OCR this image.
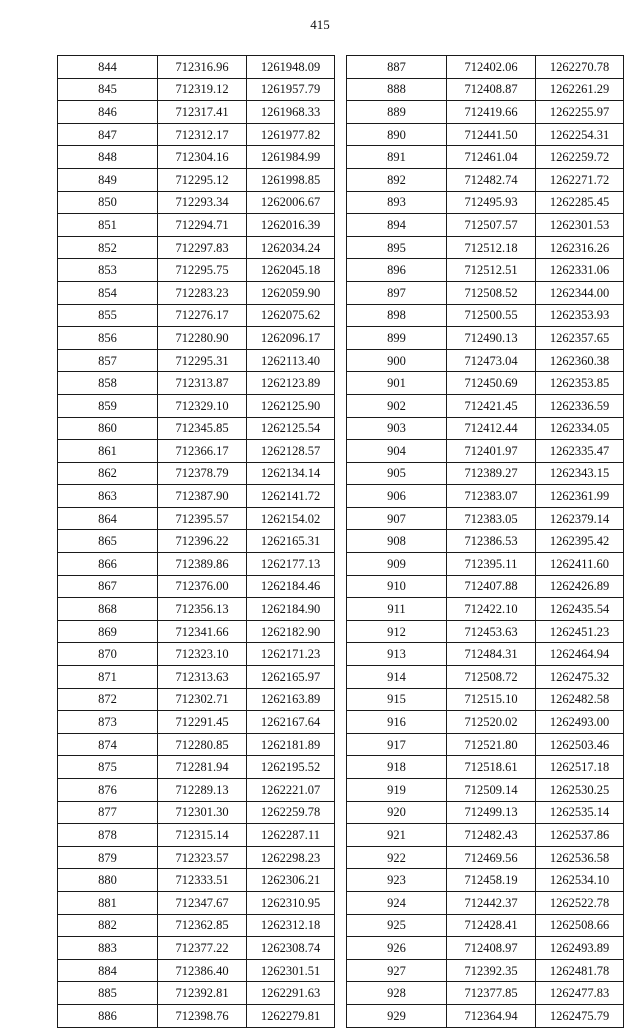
415
844	712316.96	1261948.09
845	712319.12	1261957.79
846	712317.41	1261968.33
847	712312.17	1261977.82
848	712304.16	1261984.99
849	712295.12	1261998.85
850	712293.34	1262006.67
851	712294.71	1262016.39
852	712297.83	1262034.24
853	712295.75	1262045.18
854	712283.23	1262059.90
855	712276.17	1262075.62
856	712280.90	1262096.17
857	712295.31	1262113.40
858	712313.87	1262123.89
859	712329.10	1262125.90
860	712345.85	1262125.54
861	712366.17	1262128.57
862	712378.79	1262134.14
863	712387.90	1262141.72
864	712395.57	1262154.02
865	712396.22	1262165.31
866	712389.86	1262177.13
867	712376.00	1262184.46
868	712356.13	1262184.90
869	712341.66	1262182.90
870	712323.10	1262171.23
871	712313.63	1262165.97
872	712302.71	1262163.89
873	712291.45	1262167.64
874	712280.85	1262181.89
875	712281.94	1262195.52
876	712289.13	1262221.07
877	712301.30	1262259.78
878	712315.14	1262287.11
879	712323.57	1262298.23
880	712333.51	1262306.21
881	712347.67	1262310.95
882	712362.85	1262312.18
883	712377.22	1262308.74
884	712386.40	1262301.51
885	712392.81	1262291.63
886	712398.76	1262279.81
887	712402.06	1262270.78
888	712408.87	1262261.29
889	712419.66	1262255.97
890	712441.50	1262254.31
891	712461.04	1262259.72
892	712482.74	1262271.72
893	712495.93	1262285.45
894	712507.57	1262301.53
895	712512.18	1262316.26
896	712512.51	1262331.06
897	712508.52	1262344.00
898	712500.55	1262353.93
899	712490.13	1262357.65
900	712473.04	1262360.38
901	712450.69	1262353.85
902	712421.45	1262336.59
903	712412.44	1262334.05
904	712401.97	1262335.47
905	712389.27	1262343.15
906	712383.07	1262361.99
907	712383.05	1262379.14
908	712386.53	1262395.42
909	712395.11	1262411.60
910	712407.88	1262426.89
911	712422.10	1262435.54
912	712453.63	1262451.23
913	712484.31	1262464.94
914	712508.72	1262475.32
915	712515.10	1262482.58
916	712520.02	1262493.00
917	712521.80	1262503.46
918	712518.61	1262517.18
919	712509.14	1262530.25
920	712499.13	1262535.14
921	712482.43	1262537.86
922	712469.56	1262536.58
923	712458.19	1262534.10
924	712442.37	1262522.78
925	712428.41	1262508.66
926	712408.97	1262493.89
927	712392.35	1262481.78
928	712377.85	1262477.83
929	712364.94	1262475.79
